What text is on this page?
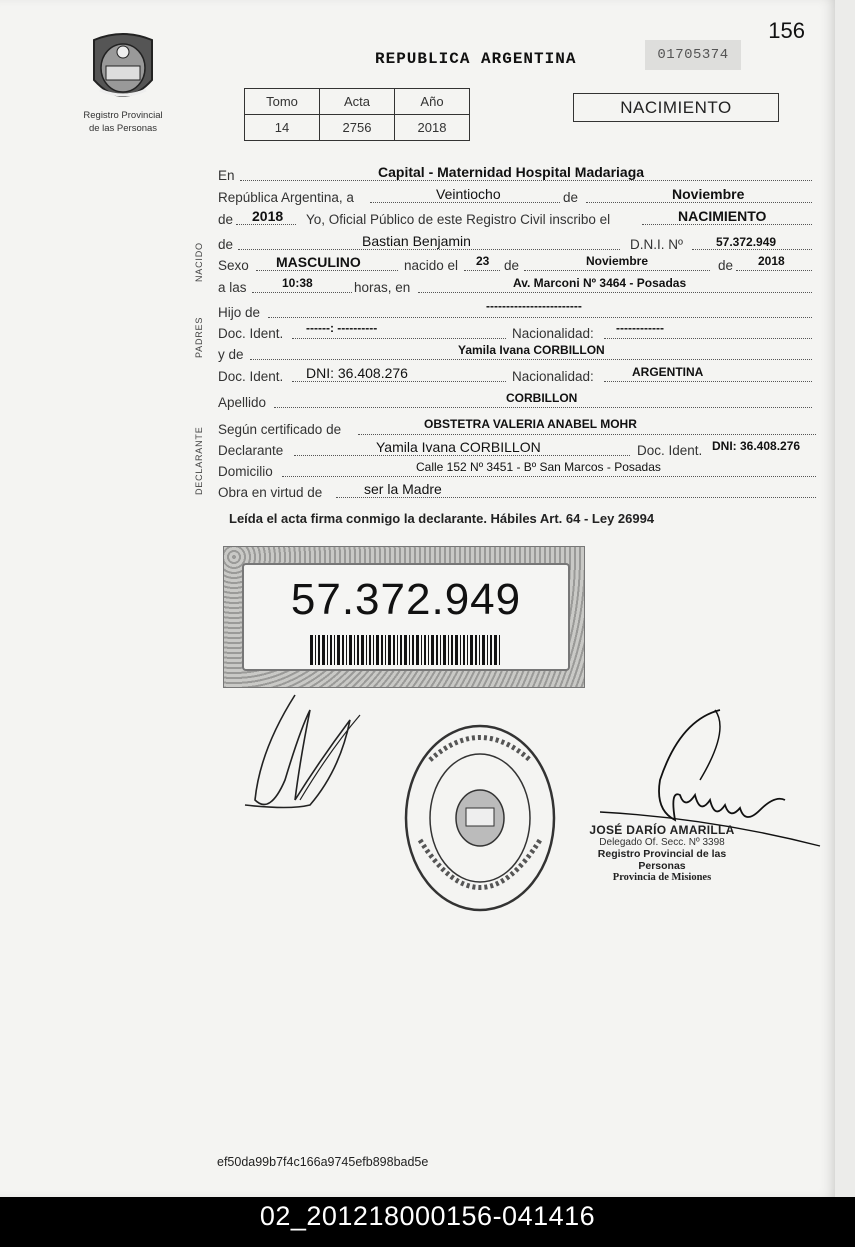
156
Registro Provincial
de las Personas
REPUBLICA ARGENTINA	01705374
Tomo	Acta	Año
14	2756	2018
NACIMIENTO
NACIDO
PADRES
DECLARANTE
En	Capital - Maternidad Hospital Madariaga
República Argentina, a	Veintiocho	de	Noviembre
de 2018 Yo, Oficial Público de este Registro Civil inscribo el	NACIMIENTO
de	Bastian Benjamin	D.N.I. Nº	57.372.949
Sexo MASCULINO	nacido el 23 de	Noviembre	de 2018
a las	10:38	horas, en	Av. Marconi Nº 3464 - Posadas
Hijo de	------------------------
Doc. Ident. ------: ----------	Nacionalidad: ------------
y de	Yamila Ivana CORBILLON
Doc. Ident. DNI: 36.408.276	Nacionalidad:	ARGENTINA
Apellido	CORBILLON
Según certificado de	OBSTETRA VALERIA ANABEL MOHR
Declarante	Yamila Ivana CORBILLON	Doc. Ident. DNI: 36.408.276
Domicilio	Calle 152 Nº 3451 - Bº San Marcos - Posadas
Obra en virtud de	ser la Madre
Leída el acta firma conmigo la declarante. Hábiles Art. 64 - Ley 26994
57.372.949
JOSÉ DARÍO AMARILLA
Delegado Of. Secc. Nº 3398
Registro Provincial de las Personas
Provincia de Misiones
ef50da99b7f4c166a9745efb898bad5e
02_201218000156-041416
